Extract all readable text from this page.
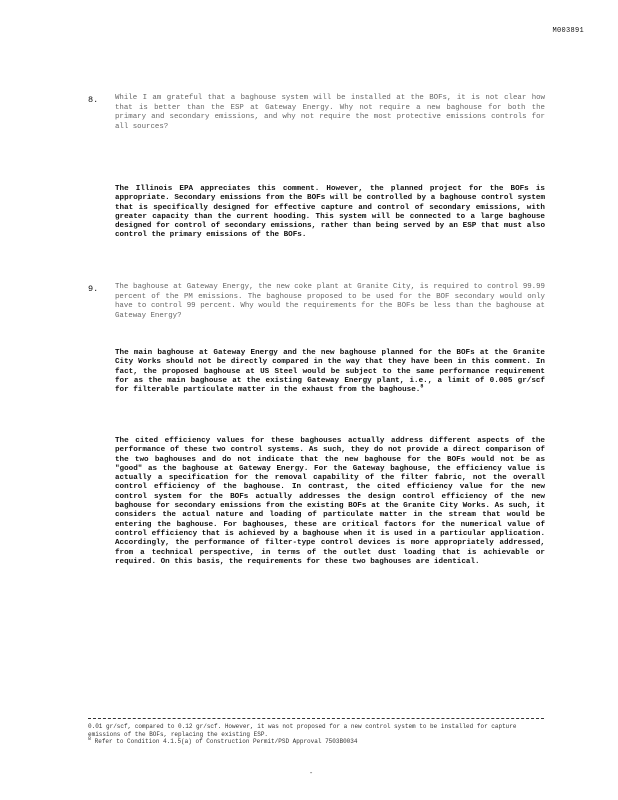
M003891
8. While I am grateful that a baghouse system will be installed at the BOFs, it is not clear how that is better than the ESP at Gateway Energy. Why not require a new baghouse for both the primary and secondary emissions, and why not require the most protective emissions controls for all sources?

The Illinois EPA appreciates this comment. However, the planned project for the BOFs is appropriate. Secondary emissions from the BOFs will be controlled by a baghouse control system that is specifically designed for effective capture and control of secondary emissions, with greater capacity than the current hooding. This system will be connected to a large baghouse designed for control of secondary emissions, rather than being served by an ESP that must also control the primary emissions of the BOFs.

9. The baghouse at Gateway Energy, the new coke plant at Granite City, is required to control 99.99 percent of the PM emissions. The baghouse proposed to be used for the BOF secondary would only have to control 99 percent. Why would the requirements for the BOFs be less than the baghouse at Gateway Energy?

The main baghouse at Gateway Energy and the new baghouse planned for the BOFs at the Granite City Works should not be directly compared in the way that they have been in this comment. In fact, the proposed baghouse at US Steel would be subject to the same performance requirement for as the main baghouse at the existing Gateway Energy plant, i.e., a limit of 0.005 gr/scf for filterable particulate matter in the exhaust from the baghouse.$^8$

The cited efficiency values for these baghouses actually address different aspects of the performance of these two control systems. As such, they do not provide a direct comparison of the two baghouses and do not indicate that the new baghouse for the BOFs would not be as "good" as the baghouse at Gateway Energy. For the Gateway baghouse, the efficiency value is actually a specification for the removal capability of the filter fabric, not the overall control efficiency of the baghouse. In contrast, the cited efficiency value for the new control system for the BOFs actually addresses the design control efficiency of the new baghouse for secondary emissions from the existing BOFs at the Granite City Works. As such, it considers the actual nature and loading of particulate matter in the stream that would be entering the baghouse. For baghouses, these are critical factors for the numerical value of control efficiency that is achieved by a baghouse when it is used in a particular application. Accordingly, the performance of filter-type control devices is more appropriately addressed, from a technical perspective, in terms of the outlet dust loading that is achievable or required. On this basis, the requirements for these two baghouses are identical.

0.01 gr/scf, compared to 0.12 gr/scf. However, it was not proposed for a new control system to be installed for capture emissions of the BOFs, replacing the existing ESP.
$^8$ Refer to Condition 4.1.5(a) of Construction Permit/PSD Approval 7503B0034
-
